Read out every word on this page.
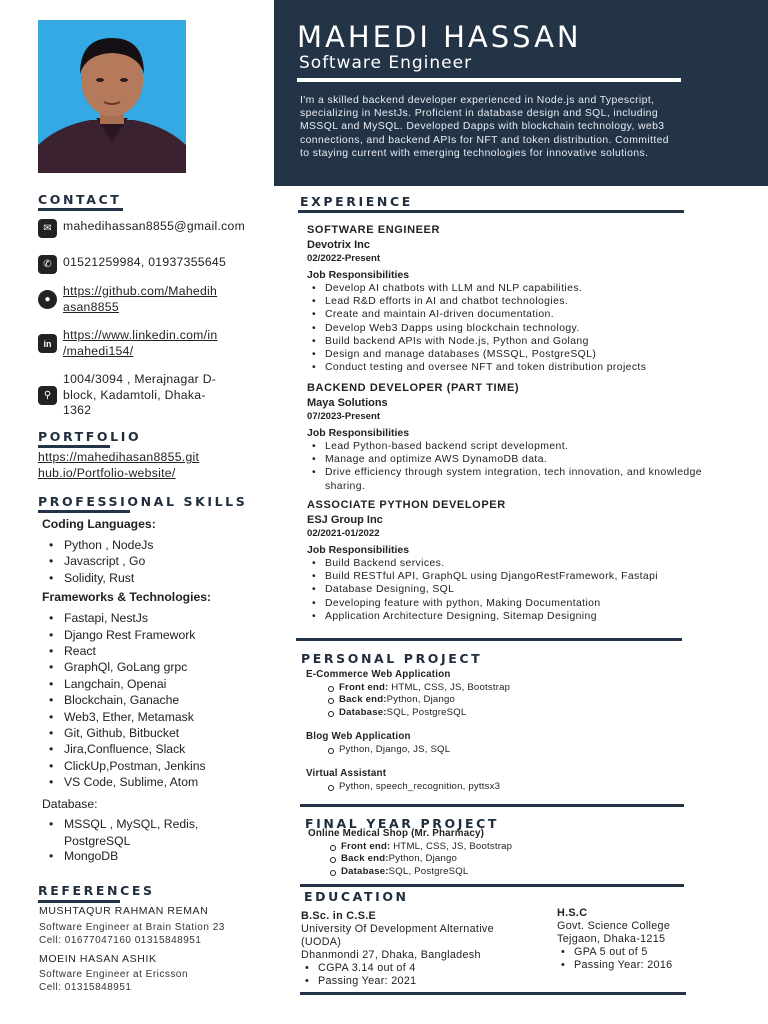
MAHEDI HASSAN
Software Engineer
I'm a skilled backend developer experienced in Node.js and Typescript, specializing in NestJs. Proficient in database design and SQL, including MSSQL and MySQL. Developed Dapps with blockchain technology, web3 connections, and backend APIs for NFT and token distribution. Committed to staying current with emerging technologies for innovative solutions.
CONTACT
✉ mahedihassan8855@gmail.com
✆ 01521259984, 01937355645
●
https://github.com/Mahedih
asan8855
in
https://www.linkedin.com/in
/mahedi154/
⚲
1004/3094 , Merajnagar D-
block, Kadamtoli, Dhaka-
1362
PORTFOLIO
https://mahedihasan8855.git
hub.io/Portfolio-website/
PROFESSIONAL SKILLS
Coding Languages:
• Python , NodeJs
• Javascript , Go
• Solidity, Rust
Frameworks & Technologies:
• Fastapi, NestJs
• Django Rest Framework
• React
• GraphQl, GoLang grpc
• Langchain, Openai
• Blockchain, Ganache
• Web3, Ether, Metamask
• Git, Github, Bitbucket
• Jira,Confluence, Slack
• ClickUp,Postman, Jenkins
• VS Code, Sublime, Atom
Database:
• MSSQL , MySQL, Redis,
PostgreSQL
• MongoDB
REFERENCES
MUSHTAQUR RAHMAN REMAN
Software Engineer at Brain Station 23
Cell: 01677047160 01315848951
MOEIN HASAN ASHIK
Software Engineer at Ericsson
Cell: 01315848951
EXPERIENCE
SOFTWARE ENGINEER
Devotrix Inc
02/2022-Present
Job Responsibilities
• Develop AI chatbots with LLM and NLP capabilities.
• Lead R&D efforts in AI and chatbot technologies.
• Create and maintain AI-driven documentation.
• Develop Web3 Dapps using blockchain technology.
• Build backend APIs with Node.js, Python and Golang
• Design and manage databases (MSSQL, PostgreSQL)
• Conduct testing and oversee NFT and token distribution projects
BACKEND DEVELOPER (PART TIME)
Maya Solutions
07/2023-Present
Job Responsibilities
• Lead Python-based backend script development.
• Manage and optimize AWS DynamoDB data.
• Drive efficiency through system integration, tech innovation, and knowledge sharing.
ASSOCIATE PYTHON DEVELOPER
ESJ Group Inc
02/2021-01/2022
Job Responsibilities
• Build Backend services.
• Build RESTful API, GraphQL using DjangoRestFramework, Fastapi
• Database Designing, SQL
• Developing feature with python, Making Documentation
• Application Architecture Designing, Sitemap Designing
PERSONAL PROJECT
E-Commerce Web Application
Front end: HTML, CSS, JS, Bootstrap
Back end:Python, Django
Database:SQL, PostgreSQL
Blog Web Application
Python, Django, JS, SQL
Virtual Assistant
Python, speech_recognition, pyttsx3
FINAL YEAR PROJECT
Online Medical Shop (Mr. Pharmacy)
Front end: HTML, CSS, JS, Bootstrap
Back end:Python, Django
Database:SQL, PostgreSQL
EDUCATION
B.Sc. in C.S.E
University Of Development Alternative
(UODA)
Dhanmondi 27, Dhaka, Bangladesh
• CGPA 3.14 out of 4
• Passing Year: 2021
H.S.C
Govt. Science College
Tejgaon, Dhaka-1215
• GPA 5 out of 5
• Passing Year: 2016
